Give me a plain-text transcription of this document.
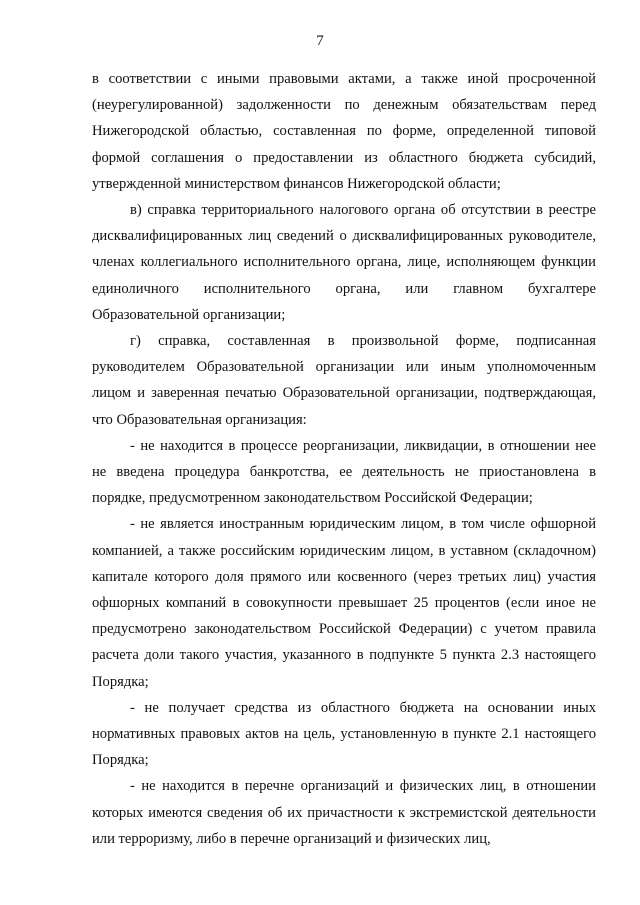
7

в соответствии с иными правовыми актами, а также иной просроченной (неурегулированной) задолженности по денежным обязательствам перед Нижегородской областью, составленная по форме, определенной типовой формой соглашения о предоставлении из областного бюджета субсидий, утвержденной министерством финансов Нижегородской области;

в) справка территориального налогового органа об отсутствии в реестре дисквалифицированных лиц сведений о дисквалифицированных руководителе, членах коллегиального исполнительного органа, лице, исполняющем функции единоличного исполнительного органа, или главном бухгалтере Образовательной организации;

г) справка, составленная в произвольной форме, подписанная руководителем Образовательной организации или иным уполномоченным лицом и заверенная печатью Образовательной организации, подтверждающая, что Образовательная организация:

- не находится в процессе реорганизации, ликвидации, в отношении нее не введена процедура банкротства, ее деятельность не приостановлена в порядке, предусмотренном законодательством Российской Федерации;

- не является иностранным юридическим лицом, в том числе офшорной компанией, а также российским юридическим лицом, в уставном (складочном) капитале которого доля прямого или косвенного (через третьих лиц) участия офшорных компаний в совокупности превышает 25 процентов (если иное не предусмотрено законодательством Российской Федерации) с учетом правила расчета доли такого участия, указанного в подпункте 5 пункта 2.3 настоящего Порядка;

- не получает средства из областного бюджета на основании иных нормативных правовых актов на цель, установленную в пункте 2.1 настоящего Порядка;

- не находится в перечне организаций и физических лиц, в отношении которых имеются сведения об их причастности к экстремистской деятельности или терроризму, либо в перечне организаций и физических лиц,
